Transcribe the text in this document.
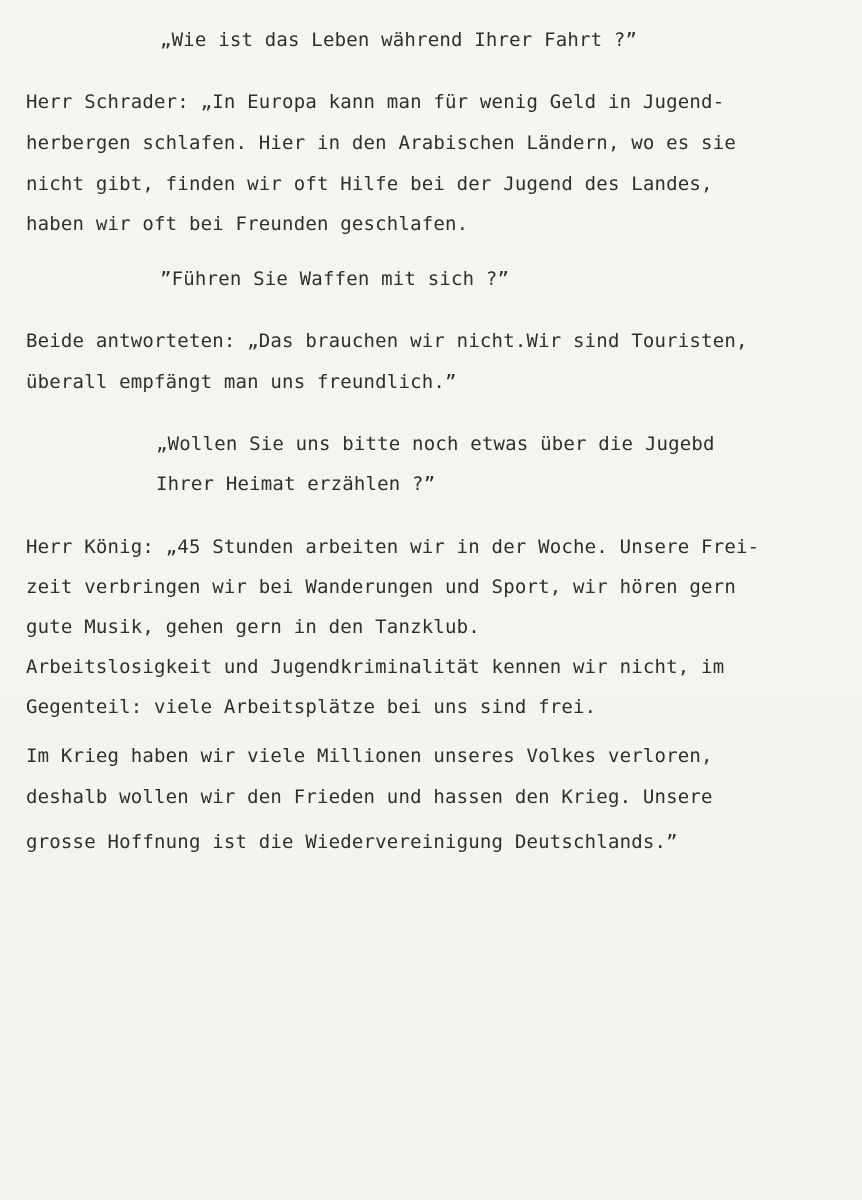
„Wie ist das Leben während Ihrer Fahrt ?”
Herr Schrader: „In Europa kann man für wenig Geld in Jugend-
herbergen schlafen. Hier in den Arabischen Ländern, wo es sie
nicht gibt, finden wir oft Hilfe bei der Jugend des Landes,
haben wir oft bei Freunden geschlafen.
”Führen Sie Waffen mit sich ?”
Beide antworteten: „Das brauchen wir nicht.Wir sind Touristen,
überall empfängt man uns freundlich.”
„Wollen Sie uns bitte noch etwas über die Jugebd
Ihrer Heimat erzählen ?”
Herr König: „45 Stunden arbeiten wir in der Woche. Unsere Frei-
zeit verbringen wir bei Wanderungen und Sport, wir hören gern
gute Musik, gehen gern in den Tanzklub.
Arbeitslosigkeit und Jugendkriminalität kennen wir nicht, im
Gegenteil: viele Arbeitsplätze bei uns sind frei.
Im Krieg haben wir viele Millionen unseres Volkes verloren,
deshalb wollen wir den Frieden und hassen den Krieg. Unsere
grosse Hoffnung ist die Wiedervereinigung Deutschlands.”
